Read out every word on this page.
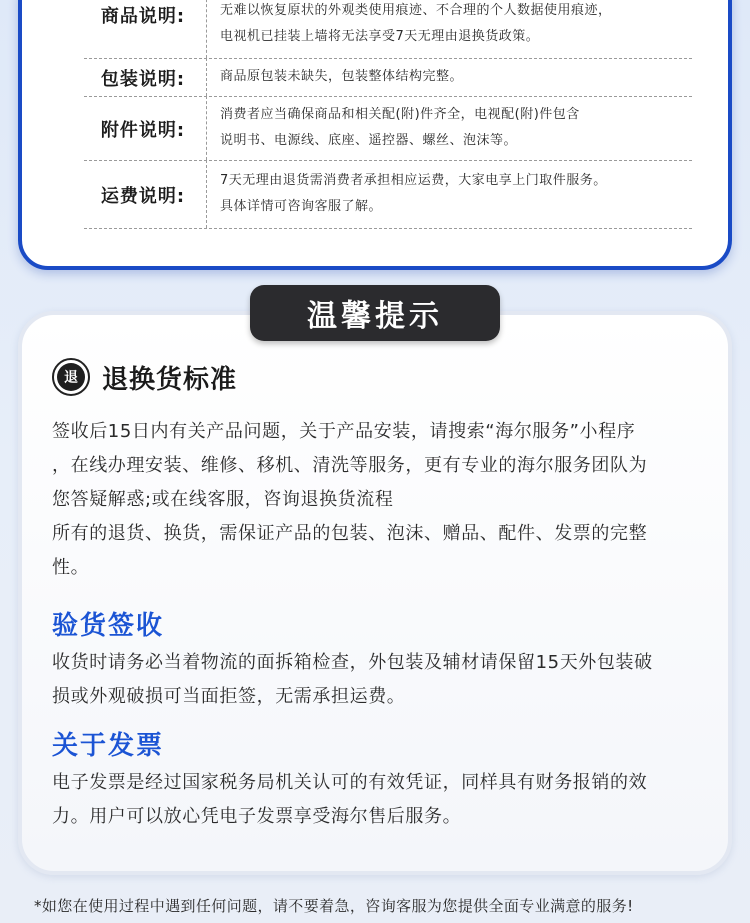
商品说明:	无难以恢复原状的外观类使用痕迹、不合理的个人数据使用痕迹，
电视机已挂装上墙将无法享受7天无理由退换货政策。
包装说明:	商品原包装未缺失，包装整体结构完整。
附件说明:
消费者应当确保商品和相关配(附)件齐全，电视配(附)件包含
说明书、电源线、底座、遥控器、螺丝、泡沫等。
运费说明:
7天无理由退货需消费者承担相应运费，大家电享上门取件服务。
具体详情可咨询客服了解。
温馨提示
退 退换货标准
签收后15日内有关产品问题，关于产品安装，请搜索“海尔服务”小程序
，在线办理安装、维修、移机、清洗等服务，更有专业的海尔服务团队为
您答疑解惑;或在线客服，咨询退换货流程
所有的退货、换货，需保证产品的包装、泡沫、赠品、配件、发票的完整
性。
验货签收
收货时请务必当着物流的面拆箱检查，外包装及辅材请保留15天外包装破
损或外观破损可当面拒签，无需承担运费。
关于发票
电子发票是经过国家税务局机关认可的有效凭证，同样具有财务报销的效
力。用户可以放心凭电子发票享受海尔售后服务。
*如您在使用过程中遇到任何问题，请不要着急，咨询客服为您提供全面专业满意的服务!
